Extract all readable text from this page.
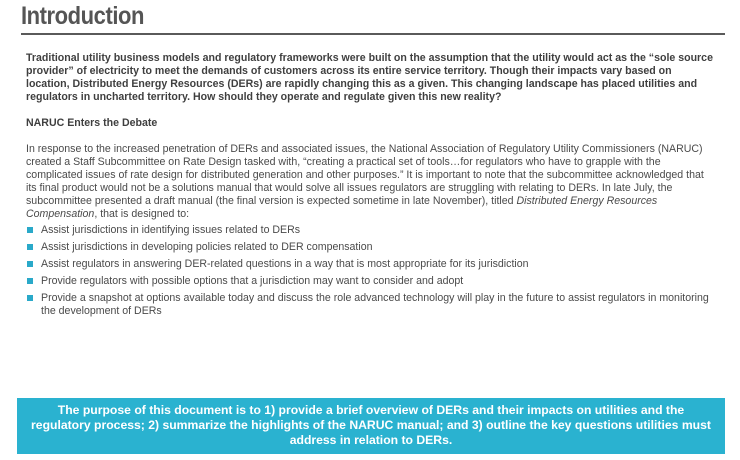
Introduction

Traditional utility business models and regulatory frameworks were built on the assumption that the utility would act as the “sole source provider” of electricity to meet the demands of customers across its entire service territory. Though their impacts vary based on location, Distributed Energy Resources (DERs) are rapidly changing this as a given. This changing landscape has placed utilities and regulators in uncharted territory. How should they operate and regulate given this new reality?

NARUC Enters the Debate

In response to the increased penetration of DERs and associated issues, the National Association of Regulatory Utility Commissioners (NARUC) created a Staff Subcommittee on Rate Design tasked with, “creating a practical set of tools…for regulators who have to grapple with the complicated issues of rate design for distributed generation and other purposes.” It is important to note that the subcommittee acknowledged that its final product would not be a solutions manual that would solve all issues regulators are struggling with relating to DERs. In late July, the subcommittee presented a draft manual (the final version is expected sometime in late November), titled Distributed Energy Resources Compensation, that is designed to:

Assist jurisdictions in identifying issues related to DERs
Assist jurisdictions in developing policies related to DER compensation
Assist regulators in answering DER-related questions in a way that is most appropriate for its jurisdiction
Provide regulators with possible options that a jurisdiction may want to consider and adopt
Provide a snapshot at options available today and discuss the role advanced technology will play in the future to assist regulators in monitoring the development of DERs
The purpose of this document is to 1) provide a brief overview of DERs and their impacts on utilities and the regulatory process; 2) summarize the highlights of the NARUC manual; and 3) outline the key questions utilities must address in relation to DERs.
